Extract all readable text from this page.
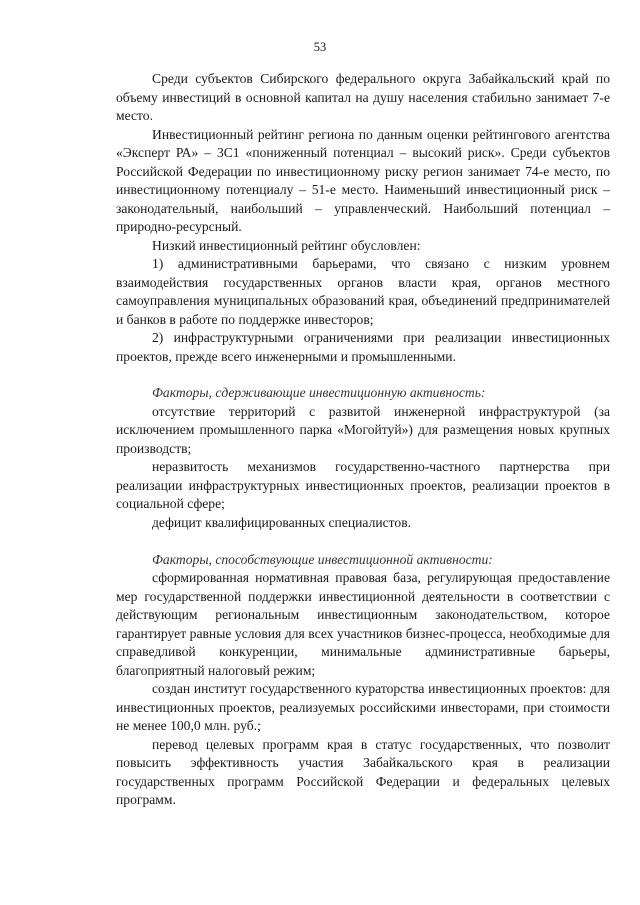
53

Среди субъектов Сибирского федерального округа Забайкальский край по объему инвестиций в основной капитал на душу населения стабильно занимает 7-е место.

Инвестиционный рейтинг региона по данным оценки рейтингового агентства «Эксперт РА» – 3С1 «пониженный потенциал – высокий риск». Среди субъектов Российской Федерации по инвестиционному риску регион занимает 74-е место, по инвестиционному потенциалу – 51-е место. Наименьший инвестиционный риск – законодательный, наибольший – управленческий. Наибольший потенциал – природно-ресурсный.

Низкий инвестиционный рейтинг обусловлен:

1) административными барьерами, что связано с низким уровнем взаимодействия государственных органов власти края, органов местного самоуправления муниципальных образований края, объединений предпринимателей и банков в работе по поддержке инвесторов;

2) инфраструктурными ограничениями при реализации инвестиционных проектов, прежде всего инженерными и промышленными.

Факторы, сдерживающие инвестиционную активность:

отсутствие территорий с развитой инженерной инфраструктурой (за исключением промышленного парка «Могойтуй») для размещения новых крупных производств;

неразвитость механизмов государственно-частного партнерства при реализации инфраструктурных инвестиционных проектов, реализации проектов в социальной сфере;

дефицит квалифицированных специалистов.

Факторы, способствующие инвестиционной активности:

сформированная нормативная правовая база, регулирующая предоставление мер государственной поддержки инвестиционной деятельности в соответствии с действующим региональным инвестиционным законодательством, которое гарантирует равные условия для всех участников бизнес-процесса, необходимые для справедливой конкуренции, минимальные административные барьеры, благоприятный налоговый режим;

создан институт государственного кураторства инвестиционных проектов: для инвестиционных проектов, реализуемых российскими инвесторами, при стоимости не менее 100,0 млн. руб.;

перевод целевых программ края в статус государственных, что позволит повысить эффективность участия Забайкальского края в реализации государственных программ Российской Федерации и федеральных целевых программ.
